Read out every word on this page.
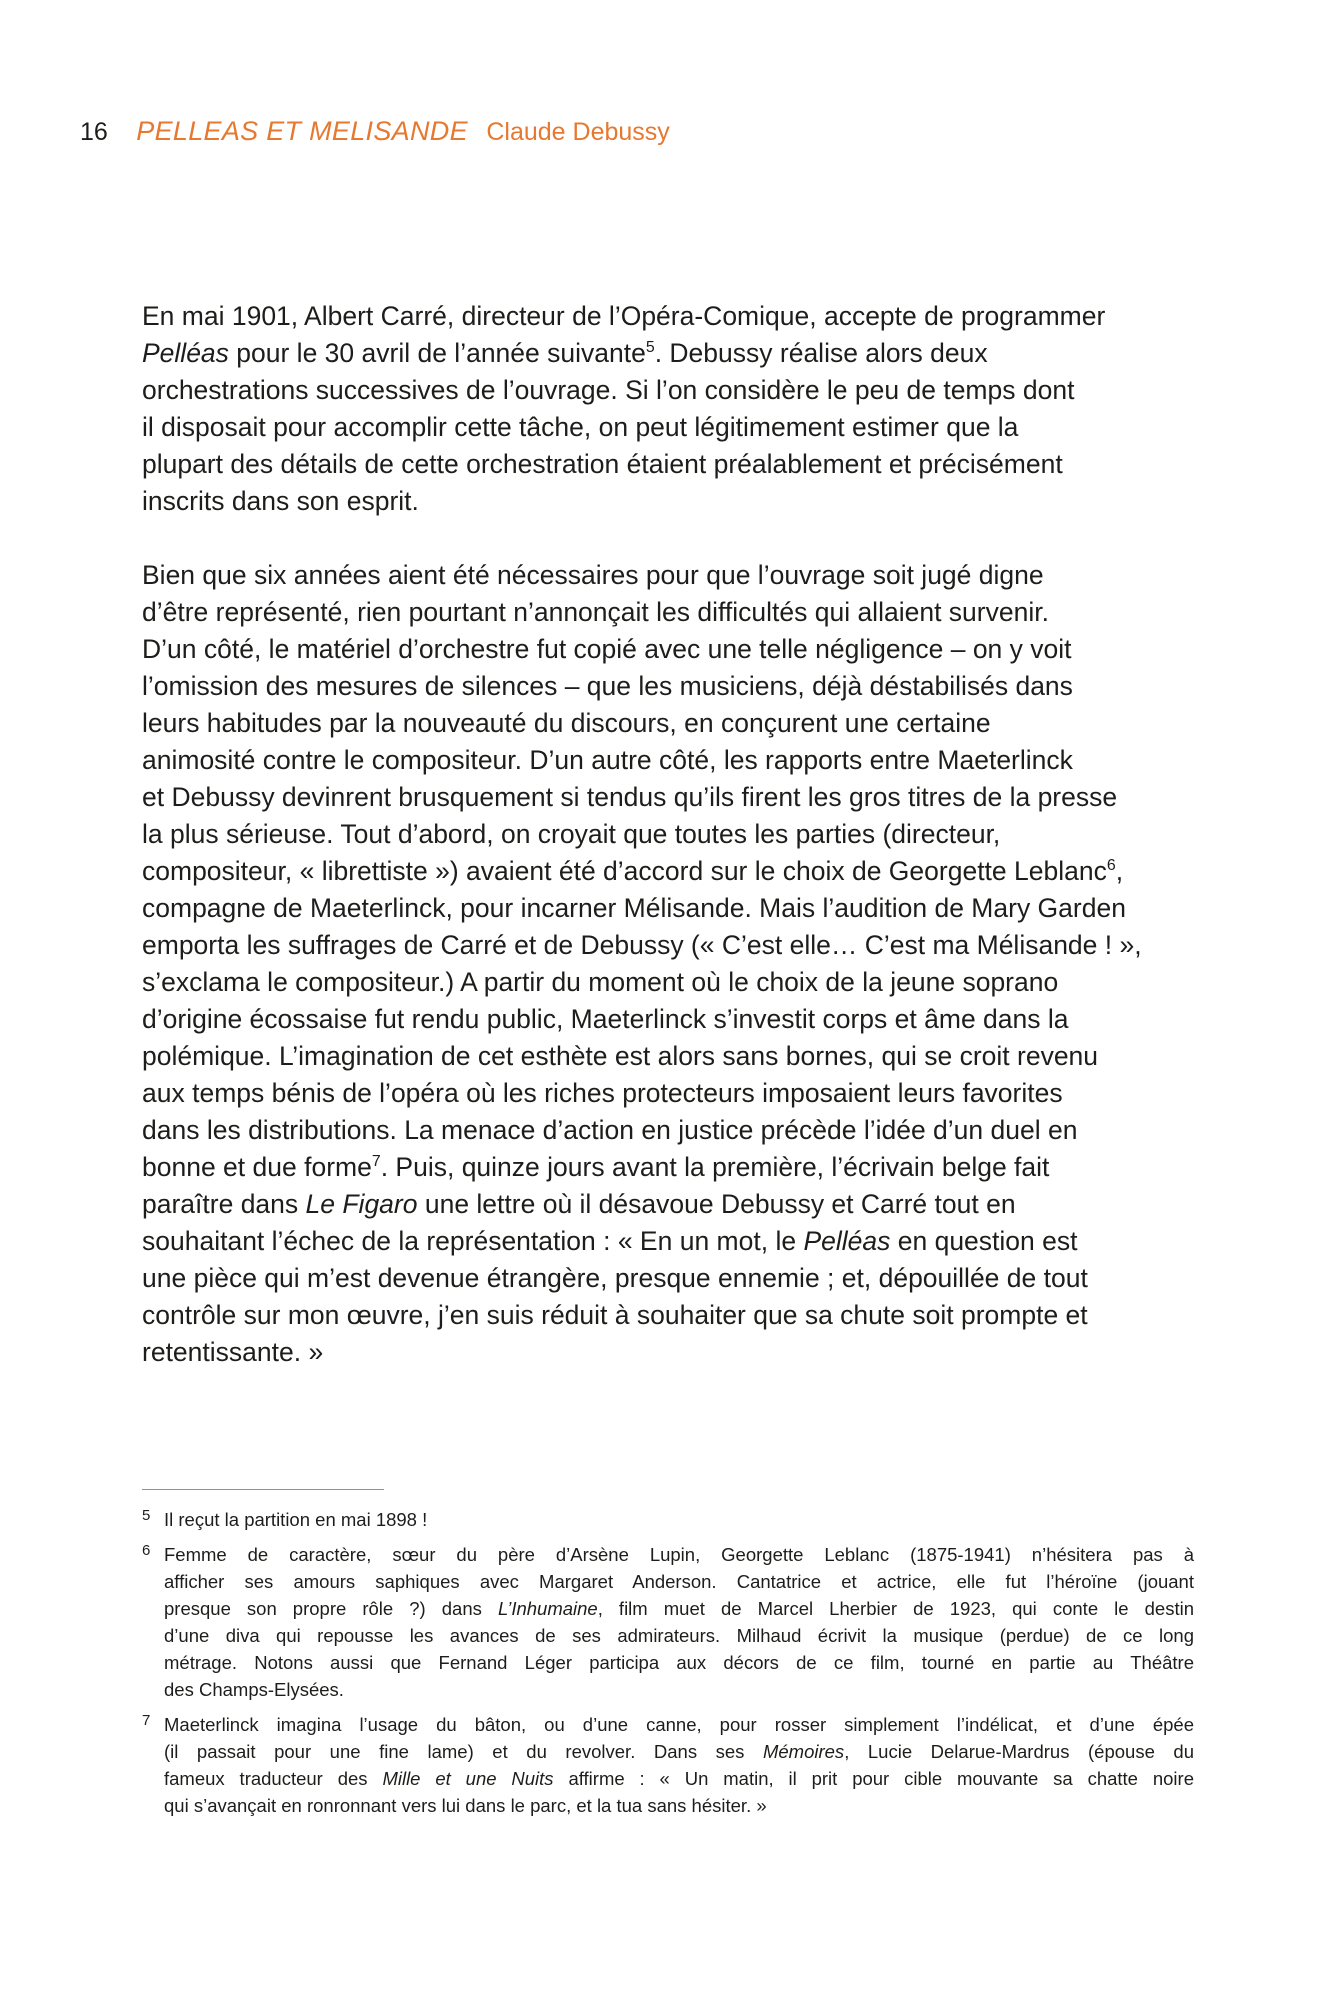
16 PELLEAS ET MELISANDE Claude Debussy

En mai 1901, Albert Carré, directeur de l’Opéra-Comique, accepte de programmer
Pelléas pour le 30 avril de l’année suivante$^5$. Debussy réalise alors deux
orchestrations successives de l’ouvrage. Si l’on considère le peu de temps dont
il disposait pour accomplir cette tâche, on peut légitimement estimer que la
plupart des détails de cette orchestration étaient préalablement et précisément
inscrits dans son esprit.

Bien que six années aient été nécessaires pour que l’ouvrage soit jugé digne
d’être représenté, rien pourtant n’annonçait les difficultés qui allaient survenir.
D’un côté, le matériel d’orchestre fut copié avec une telle négligence – on y voit
l’omission des mesures de silences – que les musiciens, déjà déstabilisés dans
leurs habitudes par la nouveauté du discours, en conçurent une certaine
animosité contre le compositeur. D’un autre côté, les rapports entre Maeterlinck
et Debussy devinrent brusquement si tendus qu’ils firent les gros titres de la presse
la plus sérieuse. Tout d’abord, on croyait que toutes les parties (directeur,
compositeur, « librettiste ») avaient été d’accord sur le choix de Georgette Leblanc$^6$,
compagne de Maeterlinck, pour incarner Mélisande. Mais l’audition de Mary Garden
emporta les suffrages de Carré et de Debussy (« C’est elle… C’est ma Mélisande ! »,
s’exclama le compositeur.) A partir du moment où le choix de la jeune soprano
d’origine écossaise fut rendu public, Maeterlinck s’investit corps et âme dans la
polémique. L’imagination de cet esthète est alors sans bornes, qui se croit revenu
aux temps bénis de l’opéra où les riches protecteurs imposaient leurs favorites
dans les distributions. La menace d’action en justice précède l’idée d’un duel en
bonne et due forme$^7$. Puis, quinze jours avant la première, l’écrivain belge fait
paraître dans Le Figaro une lettre où il désavoue Debussy et Carré tout en
souhaitant l’échec de la représentation : « En un mot, le Pelléas en question est
une pièce qui m’est devenue étrangère, presque ennemie ; et, dépouillée de tout
contrôle sur mon œuvre, j’en suis réduit à souhaiter que sa chute soit prompte et
retentissante. »

5 Il reçut la partition en mai 1898 !
6 Femme de caractère, sœur du père d’Arsène Lupin, Georgette Leblanc (1875-1941) n’hésitera pas à
afficher ses amours saphiques avec Margaret Anderson. Cantatrice et actrice, elle fut l’héroïne (jouant
presque son propre rôle ?) dans L’Inhumaine, film muet de Marcel Lherbier de 1923, qui conte le destin
d’une diva qui repousse les avances de ses admirateurs. Milhaud écrivit la musique (perdue) de ce long
métrage. Notons aussi que Fernand Léger participa aux décors de ce film, tourné en partie au Théâtre
des Champs-Elysées.
7 Maeterlinck imagina l’usage du bâton, ou d’une canne, pour rosser simplement l’indélicat, et d’une épée
(il passait pour une fine lame) et du revolver. Dans ses Mémoires, Lucie Delarue-Mardrus (épouse du
fameux traducteur des Mille et une Nuits affirme : « Un matin, il prit pour cible mouvante sa chatte noire
qui s’avançait en ronronnant vers lui dans le parc, et la tua sans hésiter. »
